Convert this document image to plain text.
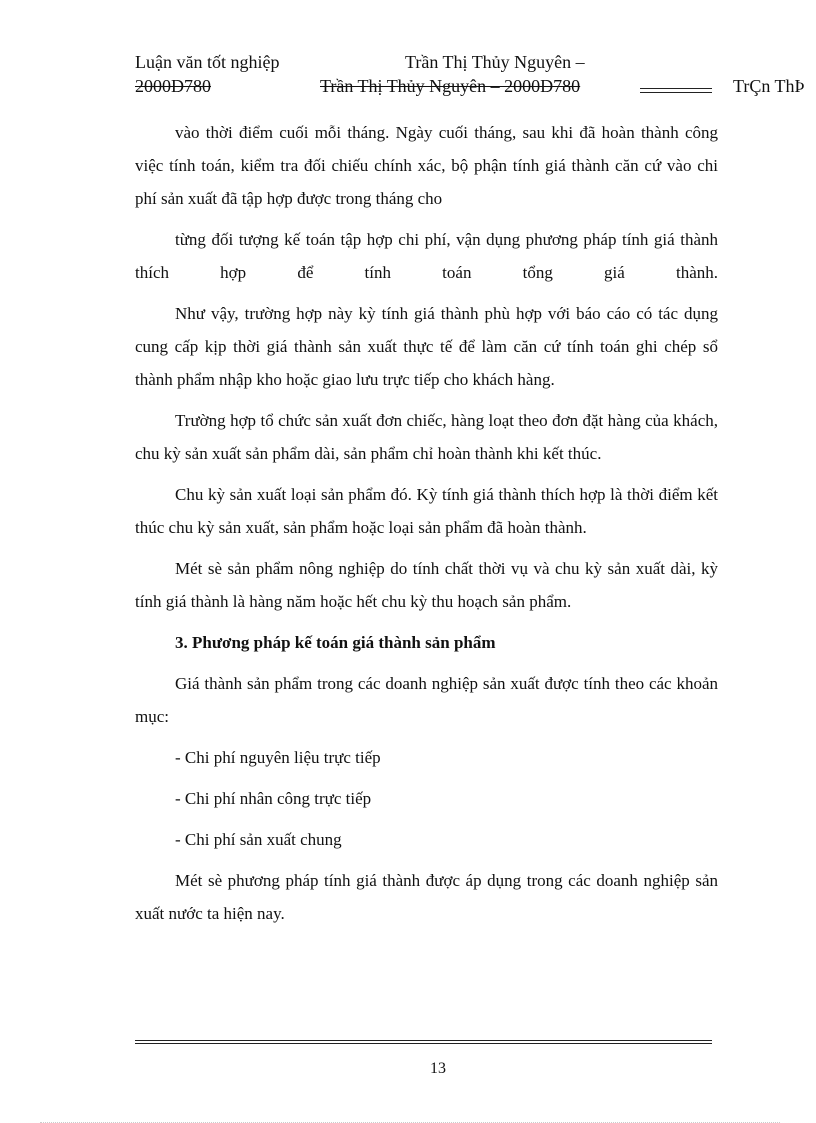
Luận văn tốt nghiệp	Trần Thị Thủy Nguyên –
2000D780	Trần Thị Thủy Nguyên – 2000D780	TrÇn ThÞ

vào thời điểm cuối mỗi tháng. Ngày cuối tháng, sau khi đã hoàn thành công việc tính toán, kiểm tra đối chiếu chính xác, bộ phận tính giá thành căn cứ vào chi phí sản xuất đã tập hợp được trong tháng cho

từng đối tượng kế toán tập hợp chi phí, vận dụng phương pháp tính giá thành thích hợp để tính toán tổng giá thành.

Như vậy, trường hợp này kỳ tính giá thành phù hợp với báo cáo có tác dụng cung cấp kịp thời giá thành sản xuất thực tế để làm căn cứ tính toán ghi chép sổ thành phẩm nhập kho hoặc giao lưu trực tiếp cho khách hàng.

Trường hợp tổ chức sản xuất đơn chiếc, hàng loạt theo đơn đặt hàng của khách, chu kỳ sản xuất sản phẩm dài, sản phẩm chỉ hoàn thành khi kết thúc.

Chu kỳ sản xuất loại sản phẩm đó. Kỳ tính giá thành thích hợp là thời điểm kết thúc chu kỳ sản xuất, sản phẩm hoặc loại sản phẩm đã hoàn thành.

Mét sè sản phẩm nông nghiệp do tính chất thời vụ và chu kỳ sản xuất dài, kỳ tính giá thành là hàng năm hoặc hết chu kỳ thu hoạch sản phẩm.

3. Phương pháp kế toán giá thành sản phẩm

Giá thành sản phẩm trong các doanh nghiệp sản xuất được tính theo các khoản mục:

- Chi phí nguyên liệu trực tiếp

- Chi phí nhân công trực tiếp

- Chi phí sản xuất chung

Mét sè phương pháp tính giá thành được áp dụng trong các doanh nghiệp sản xuất nước ta hiện nay.

13
